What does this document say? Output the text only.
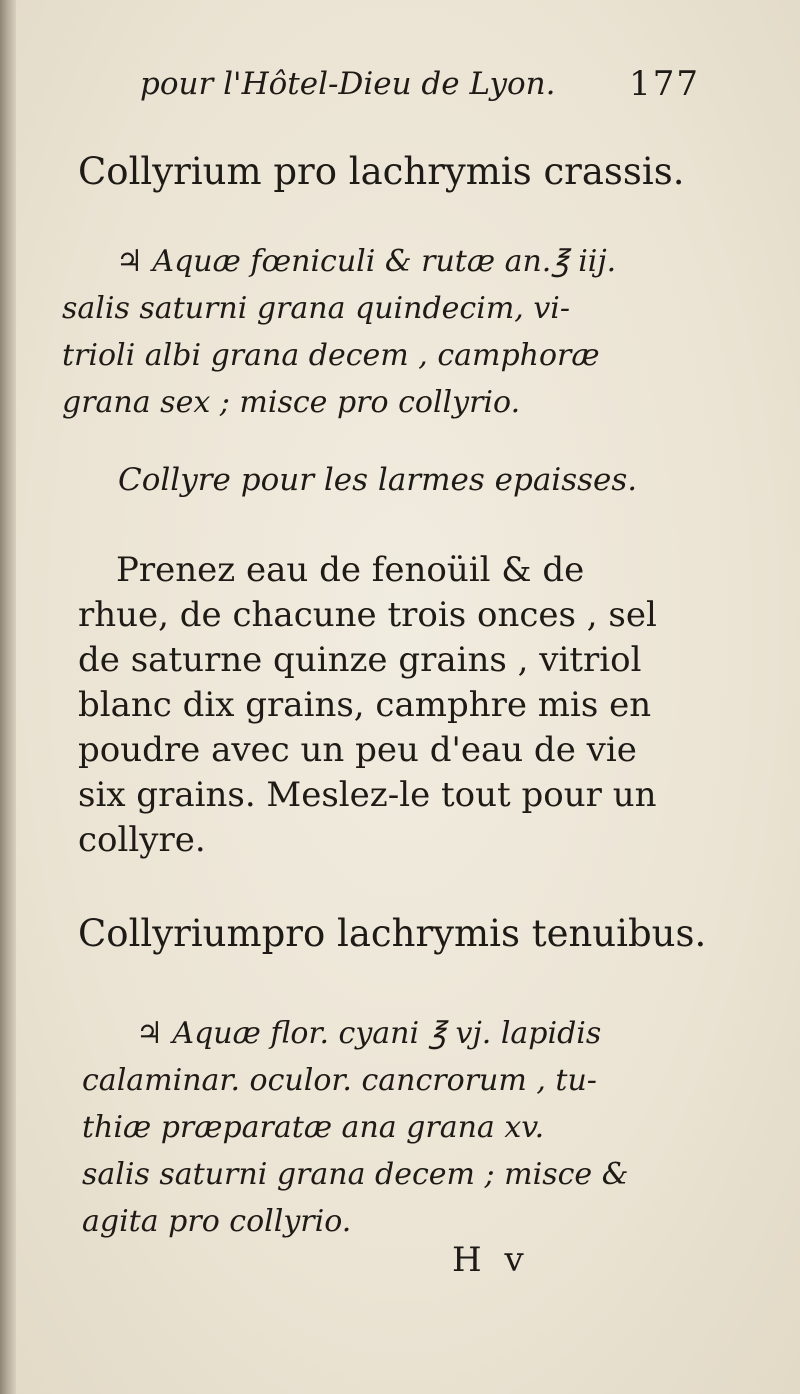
pour l'Hôtel-Dieu de Lyon. 177
Collyrium pro lachrymis crassis.
♃ Aquæ fœniculi & rutæ an.℥ iij.
salis saturni grana quindecim, vi-
trioli albi grana decem , camphoræ
grana sex ; misce pro collyrio.
Collyre pour les larmes epaisses.
Prenez eau de fenoüil & de
rhue, de chacune trois onces , sel
de saturne quinze grains , vitriol
blanc dix grains, camphre mis en
poudre avec un peu d'eau de vie
six grains. Meslez-le tout pour un
collyre.
Collyriumpro lachrymis tenuibus.
♃ Aquæ flor. cyani ℥ vj. lapidis
calaminar. oculor. cancrorum , tu-
thiæ præparatæ ana grana xv.
salis saturni grana decem ; misce &
agita pro collyrio.
H v
